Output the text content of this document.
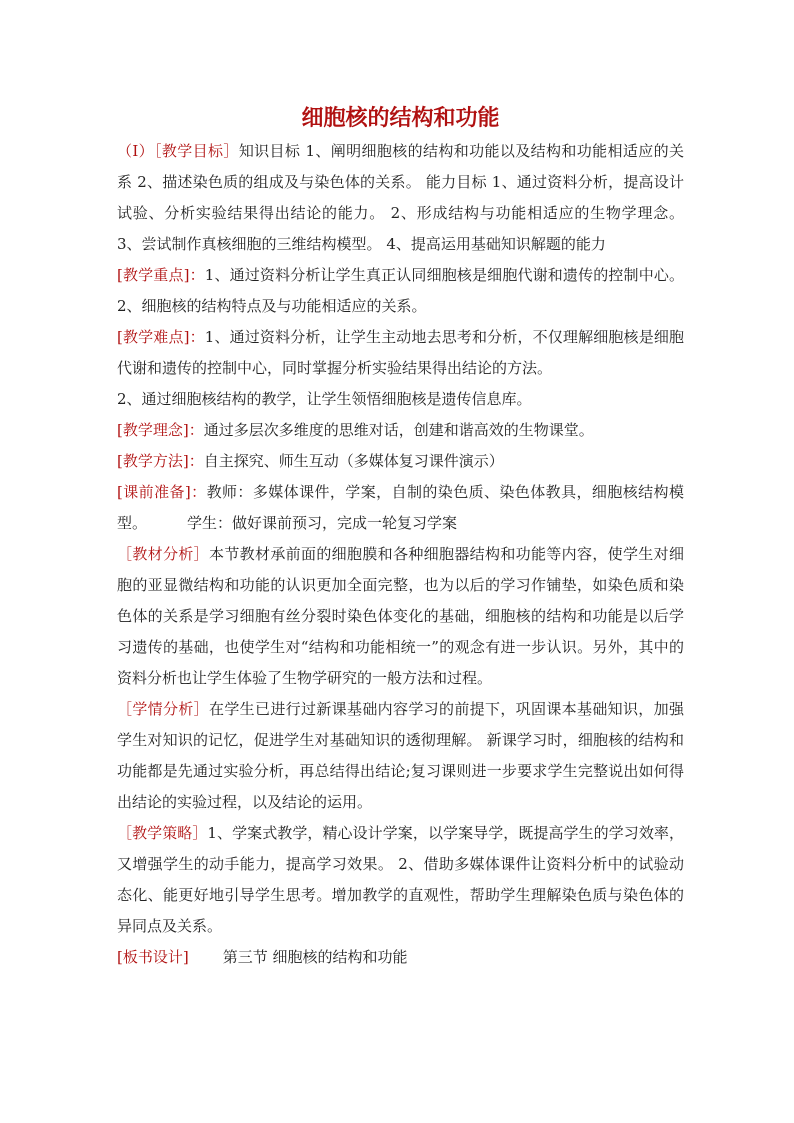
细胞核的结构和功能

（Ⅰ）［教学目标］知识目标 1、阐明细胞核的结构和功能以及结构和功能相适应的关系 2、描述染色质的组成及与染色体的关系。 能力目标 1、通过资料分析，提高设计试验、分析实验结果得出结论的能力。 2、形成结构与功能相适应的生物学理念。 3、尝试制作真核细胞的三维结构模型。 4、提高运用基础知识解题的能力

[教学重点]：1、通过资料分析让学生真正认同细胞核是细胞代谢和遗传的控制中心。 2、细胞核的结构特点及与功能相适应的关系。

[教学难点]：1、通过资料分析，让学生主动地去思考和分析，不仅理解细胞核是细胞代谢和遗传的控制中心，同时掌握分析实验结果得出结论的方法。

2、通过细胞核结构的教学，让学生领悟细胞核是遗传信息库。

[教学理念]：通过多层次多维度的思维对话，创建和谐高效的生物课堂。

[教学方法]：自主探究、师生互动（多媒体复习课件演示）

[课前准备]：教师：多媒体课件，学案，自制的染色质、染色体教具，细胞核结构模型。	学生：做好课前预习，完成一轮复习学案

［教材分析］本节教材承前面的细胞膜和各种细胞器结构和功能等内容，使学生对细胞的亚显微结构和功能的认识更加全面完整，也为以后的学习作铺垫，如染色质和染色体的关系是学习细胞有丝分裂时染色体变化的基础，细胞核的结构和功能是以后学习遗传的基础，也使学生对“结构和功能相统一”的观念有进一步认识。另外，其中的资料分析也让学生体验了生物学研究的一般方法和过程。

［学情分析］在学生已进行过新课基础内容学习的前提下，巩固课本基础知识，加强学生对知识的记忆，促进学生对基础知识的透彻理解。 新课学习时，细胞核的结构和功能都是先通过实验分析，再总结得出结论;复习课则进一步要求学生完整说出如何得出结论的实验过程，以及结论的运用。

［教学策略］1、学案式教学，精心设计学案，以学案导学，既提高学生的学习效率，又增强学生的动手能力，提高学习效果。 2、借助多媒体课件让资料分析中的试验动态化、能更好地引导学生思考。增加教学的直观性，帮助学生理解染色质与染色体的异同点及关系。

[板书设计] 第三节 细胞核的结构和功能
